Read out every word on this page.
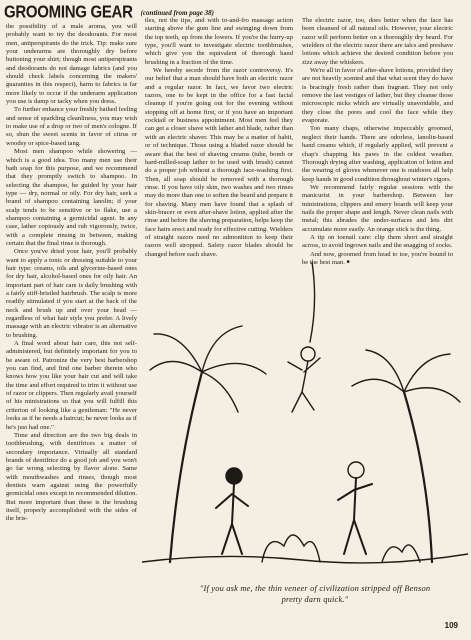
GROOMING GEAR (continued from page 38)

the possibility of a male aroma, you will probably want to try the deodorants. For most men, antiperspirants do the trick. Tip: make sure your underarms are thoroughly dry before buttoning your shirt; though most antiperspirants and deodorants do not damage fabrics (and you should check labels concerning the makers' guaranties in this respect), harm to fabrics is far more likely to occur if the underarm application you use is damp or tacky when you dress.

To further enhance your freshly bathed feeling and sense of sparkling cleanliness, you may wish to make use of a drop or two of men's cologne. If so, shun the sweet scents in favor of citrus or woodsy or spice-based tang.

Most men shampoo while showering — which is a good idea. Too many men use their bath soap for this purpose, and we recommend that they promptly switch to shampoo. In selecting the shampoo, be guided by your hair type — dry, normal or oily. For dry hair, seek a brand of shampoo containing lanolin; if your scalp tends to be sensitive or to flake, use a shampoo containing a germicidal agent. In any case, lather copiously and rub vigorously, twice, with a complete rinsing in between, making certain that the final rinse is thorough.

Once you've dried your hair, you'll probably want to apply a tonic or dressing suitable to your hair type: creams, oils and glycerine-based ones for dry hair, alcohol-based ones for oily hair. An important part of hair care is daily brushing with a fairly stiff-bristled hairbrush. The scalp is more readily stimulated if you start at the back of the neck and brush up and over your head — regardless of what hair style you prefer. A lively massage with an electric vibrator is an alternative to brushing.

A final word about hair care, this not self-administered, but definitely important for you to be aware of. Patronize the very best barbershop you can find, and find one barber therein who knows how you like your hair cut and will take the time and effort required to trim it without use of razor or clippers. Then regularly avail yourself of his ministrations so that you will fulfill this criterion of looking like a gentleman: "He never looks as if he needs a haircut; he never looks as if he's just had one."

Time and direction are the two big deals in toothbrushing, with dentifrices a matter of secondary importance. Virtually all standard brands of dentifrice do a good job and you won't go far wrong selecting by flavor alone. Same with mouthwashes and rinses, though most dentists warn against using the powerfully germicidal ones except in recommended dilution. But more important than these is the brushing itself, properly accomplished with the sides of the bris-

tles, not the tips, and with to-and-fro massage action starting above the gum line and swinging down from the top teeth, up from the lowers. If you're the hurry-up type, you'll want to investigate electric toothbrushes, which give you the equivalent of thorough hand brushing in a fraction of the time.

We hereby secede from the razor controversy. It's our belief that a man should have both an electric razor and a regular razor. In fact, we favor two electric razors, one to be kept in the office for a fast facial cleanup if you're going out for the evening without stopping off at home first, or if you have an important cocktail or business appointment. Most men feel they can get a closer shave with lather and blade, rather than with an electric shaver. This may be a matter of habit, or of technique. Those using a bladed razor should be aware that the best of shaving creams (tube, bomb or hard-milled-soap lather to be used with brush) cannot do a proper job without a thorough face-washing first. Then, all soap should be removed with a thorough rinse. If you have oily skin, two washes and two rinses may do more than one to soften the beard and prepare it for shaving. Many men have found that a splash of skin-bracer or even after-shave lotion, applied after the rinse and before the shaving preparation, helps keep the face hairs erect and ready for effective cutting. Wielders of straight razors need no admonition to keep their razors well stropped. Safety razor blades should be changed before each shave.

The electric razor, too, does better when the face has been cleansed of all natural oils. However, your electric razor will perform better on a thoroughly dry beard. For wielders of the electric razor there are talcs and preshave lotions which achieve the desired condition before you zizz away the whiskers.

We're all in favor of after-shave lotions, provided they are not heavily scented and that what scent they do have is bracingly fresh rather than fragrant. They not only remove the last vestiges of lather, but they cleanse those microscopic nicks which are virtually unavoidable, and they close the pores and cool the face while they evaporate.

Too many chaps, otherwise impeccably groomed, neglect their hands. There are odorless, lanolin-based hand creams which, if regularly applied, will prevent a chap's chapping his paws in the coldest weather. Thorough drying after washing, application of lotion and the wearing of gloves whenever one is outdoors all help keep hands in good condition throughout winter's rigors.

We recommend fairly regular sessions with the manicurist in your barbershop. Between her ministrations, clippers and emery boards will keep your nails the proper shape and length. Never clean nails with metal; this abrades the under-surfaces and lets dirt accumulate more easily. An orange stick is the thing.

A tip on toenail care: clip them short and straight across, to avoid ingrown nails and the snagging of socks.

And now, groomed from head to toe, you're bound to be the best man. ■

"If you ask me, the thin veneer of civilization stripped off Benson pretty darn quick."
109
